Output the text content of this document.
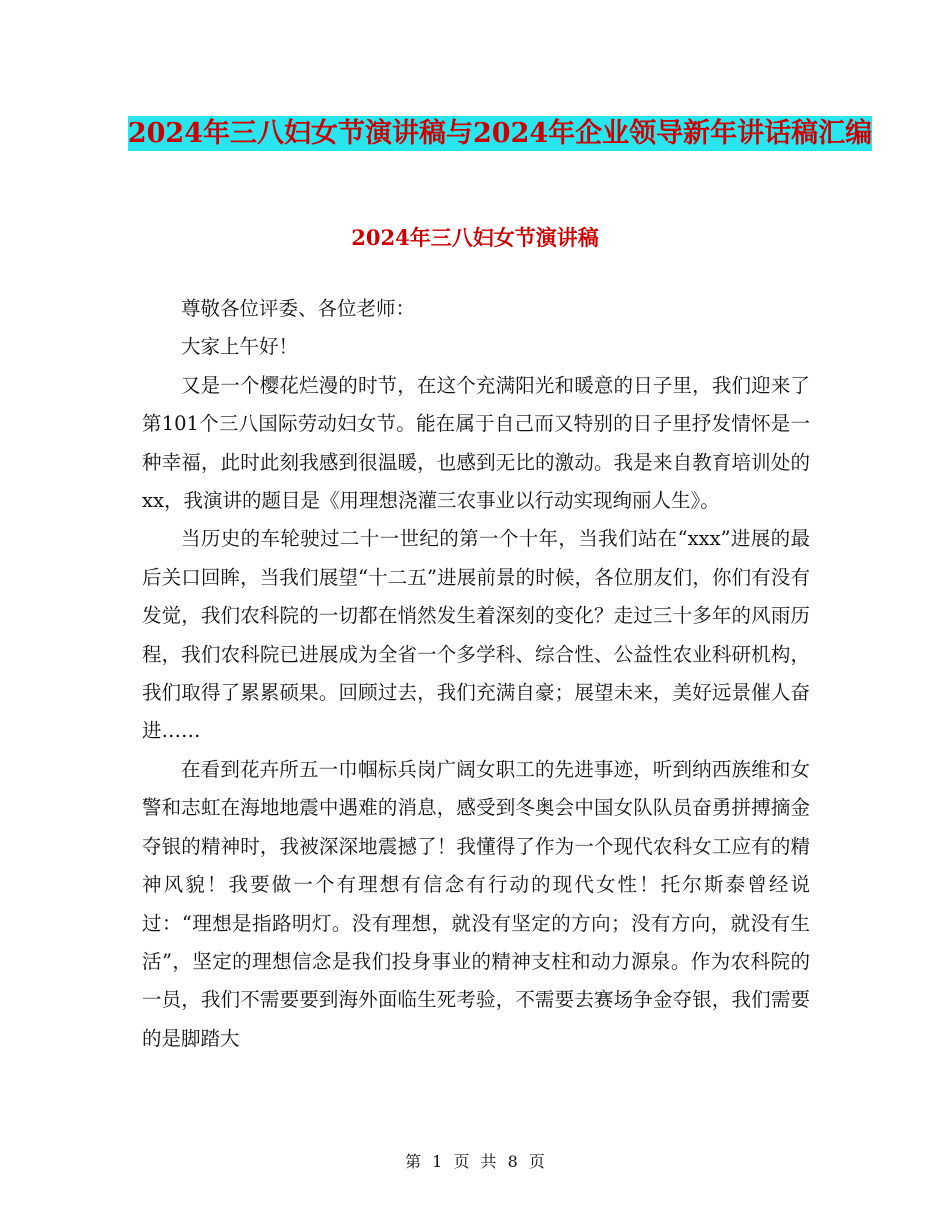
2024年三八妇女节演讲稿与2024年企业领导新年讲话稿汇编
2024年三八妇女节演讲稿

尊敬各位评委、各位老师：

大家上午好！

又是一个樱花烂漫的时节，在这个充满阳光和暖意的日子里，我们迎来了第101个三八国际劳动妇女节。能在属于自己而又特别的日子里抒发情怀是一种幸福，此时此刻我感到很温暖，也感到无比的激动。我是来自教育培训处的xx，我演讲的题目是《用理想浇灌三农事业以行动实现绚丽人生》。

当历史的车轮驶过二十一世纪的第一个十年，当我们站在“xxx”进展的最后关口回眸，当我们展望“十二五”进展前景的时候，各位朋友们，你们有没有发觉，我们农科院的一切都在悄然发生着深刻的变化？走过三十多年的风雨历程，我们农科院已进展成为全省一个多学科、综合性、公益性农业科研机构，我们取得了累累硕果。回顾过去，我们充满自豪；展望未来，美好远景催人奋进……

在看到花卉所五一巾帼标兵岗广阔女职工的先进事迹，听到纳西族维和女警和志虹在海地地震中遇难的消息，感受到冬奥会中国女队队员奋勇拼搏摘金夺银的精神时，我被深深地震撼了！我懂得了作为一个现代农科女工应有的精神风貌！我要做一个有理想有信念有行动的现代女性！托尔斯泰曾经说过：“理想是指路明灯。没有理想，就没有坚定的方向；没有方向，就没有生活”，坚定的理想信念是我们投身事业的精神支柱和动力源泉。作为农科院的一员，我们不需要要到海外面临生死考验，不需要去赛场争金夺银，我们需要的是脚踏大

第 1 页 共 8 页
